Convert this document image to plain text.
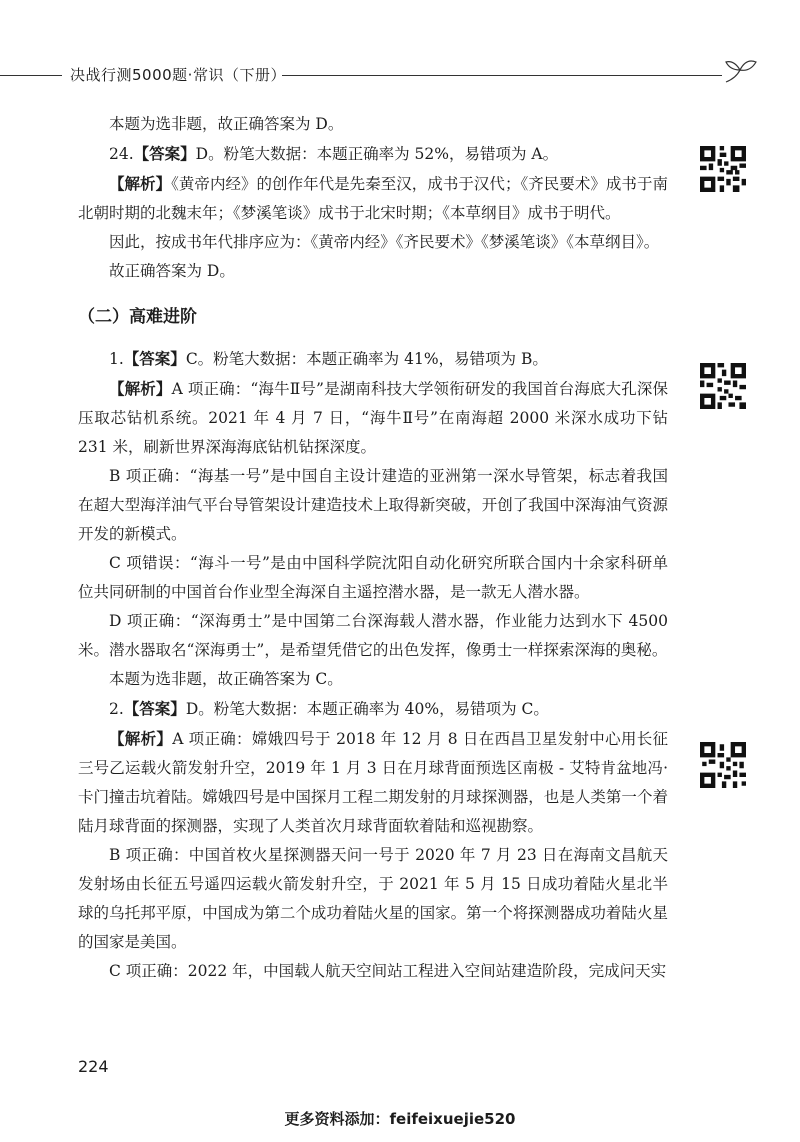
决战行测5000题·常识（下册）

本题为选非题，故正确答案为 D。

24.【答案】D。粉笔大数据：本题正确率为 52%，易错项为 A。

【解析】《黄帝内经》的创作年代是先秦至汉，成书于汉代；《齐民要术》成书于南北朝时期的北魏末年；《梦溪笔谈》成书于北宋时期；《本草纲目》成书于明代。

因此，按成书年代排序应为：《黄帝内经》《齐民要术》《梦溪笔谈》《本草纲目》。

故正确答案为 D。

（二）高难进阶

1.【答案】C。粉笔大数据：本题正确率为 41%，易错项为 B。

【解析】A 项正确：“海牛Ⅱ号”是湖南科技大学领衔研发的我国首台海底大孔深保压取芯钻机系统。2021 年 4 月 7 日，“海牛Ⅱ号”在南海超 2000 米深水成功下钻 231 米，刷新世界深海海底钻机钻探深度。

B 项正确：“海基一号”是中国自主设计建造的亚洲第一深水导管架，标志着我国在超大型海洋油气平台导管架设计建造技术上取得新突破，开创了我国中深海油气资源开发的新模式。

C 项错误：“海斗一号”是由中国科学院沈阳自动化研究所联合国内十余家科研单位共同研制的中国首台作业型全海深自主遥控潜水器，是一款无人潜水器。

D 项正确：“深海勇士”是中国第二台深海载人潜水器，作业能力达到水下 4500 米。潜水器取名“深海勇士”，是希望凭借它的出色发挥，像勇士一样探索深海的奥秘。

本题为选非题，故正确答案为 C。

2.【答案】D。粉笔大数据：本题正确率为 40%，易错项为 C。

【解析】A 项正确：嫦娥四号于 2018 年 12 月 8 日在西昌卫星发射中心用长征三号乙运载火箭发射升空，2019 年 1 月 3 日在月球背面预选区南极 - 艾特肯盆地冯·卡门撞击坑着陆。嫦娥四号是中国探月工程二期发射的月球探测器，也是人类第一个着陆月球背面的探测器，实现了人类首次月球背面软着陆和巡视勘察。

B 项正确：中国首枚火星探测器天问一号于 2020 年 7 月 23 日在海南文昌航天发射场由长征五号遥四运载火箭发射升空，于 2021 年 5 月 15 日成功着陆火星北半球的乌托邦平原，中国成为第二个成功着陆火星的国家。第一个将探测器成功着陆火星的国家是美国。

C 项正确：2022 年，中国载人航天空间站工程进入空间站建造阶段，完成问天实

224
更多资料添加：feifeixuejie520
